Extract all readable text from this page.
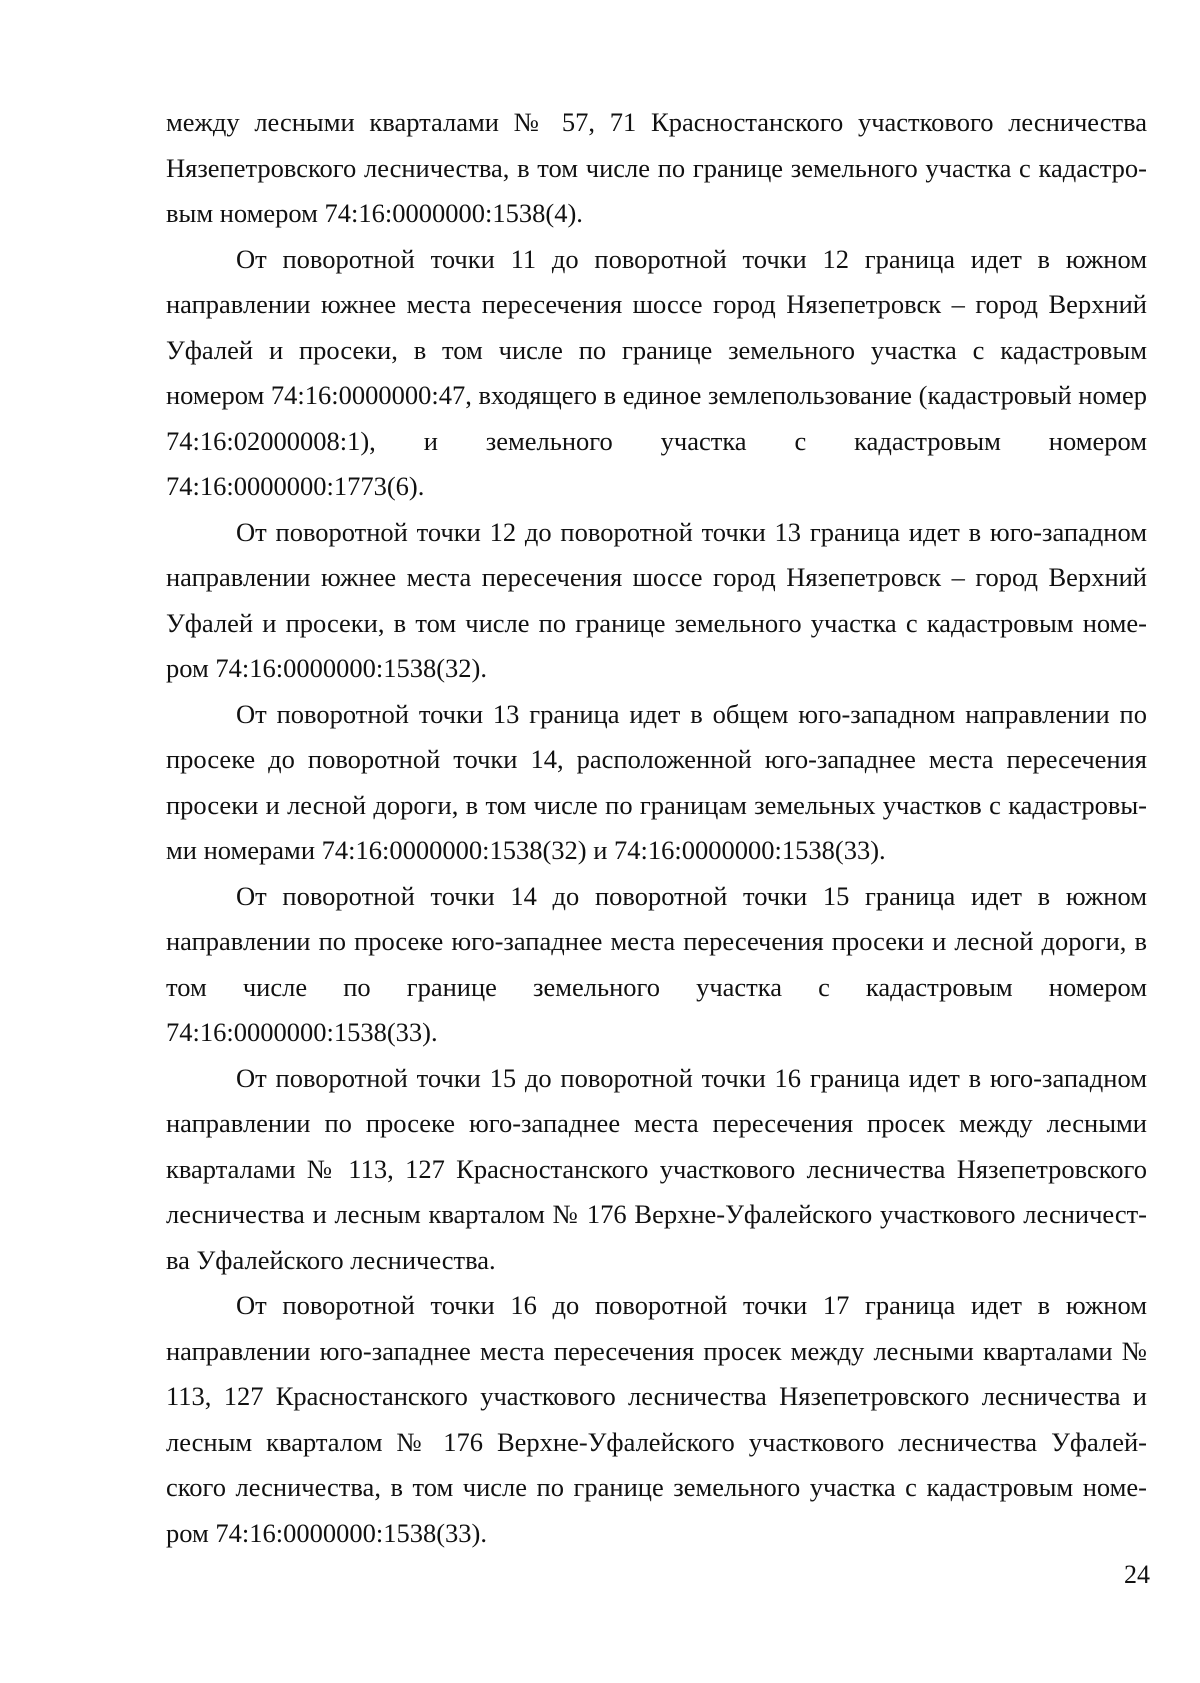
между лесными кварталами № 57, 71 Красностанского участкового лесничества Нязепетровского лесничества, в том числе по границе земельного участка с кадастро-вым номером 74:16:0000000:1538(4).

От поворотной точки 11 до поворотной точки 12 граница идет в южном направлении южнее места пересечения шоссе город Нязепетровск – город Верхний Уфалей и просеки, в том числе по границе земельного участка с кадастровым номером 74:16:0000000:47, входящего в единое землепользование (кадастровый номер 74:16:02000008:1), и земельного участка с кадастровым номером 74:16:0000000:1773(6).

От поворотной точки 12 до поворотной точки 13 граница идет в юго-западном направлении южнее места пересечения шоссе город Нязепетровск – город Верхний Уфалей и просеки, в том числе по границе земельного участка с кадастровым номе-ром 74:16:0000000:1538(32).

От поворотной точки 13 граница идет в общем юго-западном направлении по просеке до поворотной точки 14, расположенной юго-западнее места пересечения просеки и лесной дороги, в том числе по границам земельных участков с кадастровы-ми номерами 74:16:0000000:1538(32) и 74:16:0000000:1538(33).

От поворотной точки 14 до поворотной точки 15 граница идет в южном направлении по просеке юго-западнее места пересечения просеки и лесной дороги, в том числе по границе земельного участка с кадастровым номером 74:16:0000000:1538(33).

От поворотной точки 15 до поворотной точки 16 граница идет в юго-западном направлении по просеке юго-западнее места пересечения просек между лесными кварталами № 113, 127 Красностанского участкового лесничества Нязепетровского лесничества и лесным кварталом № 176 Верхне-Уфалейского участкового лесничест-ва Уфалейского лесничества.

От поворотной точки 16 до поворотной точки 17 граница идет в южном направлении юго-западнее места пересечения просек между лесными кварталами № 113, 127 Красностанского участкового лесничества Нязепетровского лесничества и лесным кварталом № 176 Верхне-Уфалейского участкового лесничества Уфалей-ского лесничества, в том числе по границе земельного участка с кадастровым номе-ром 74:16:0000000:1538(33).

24
